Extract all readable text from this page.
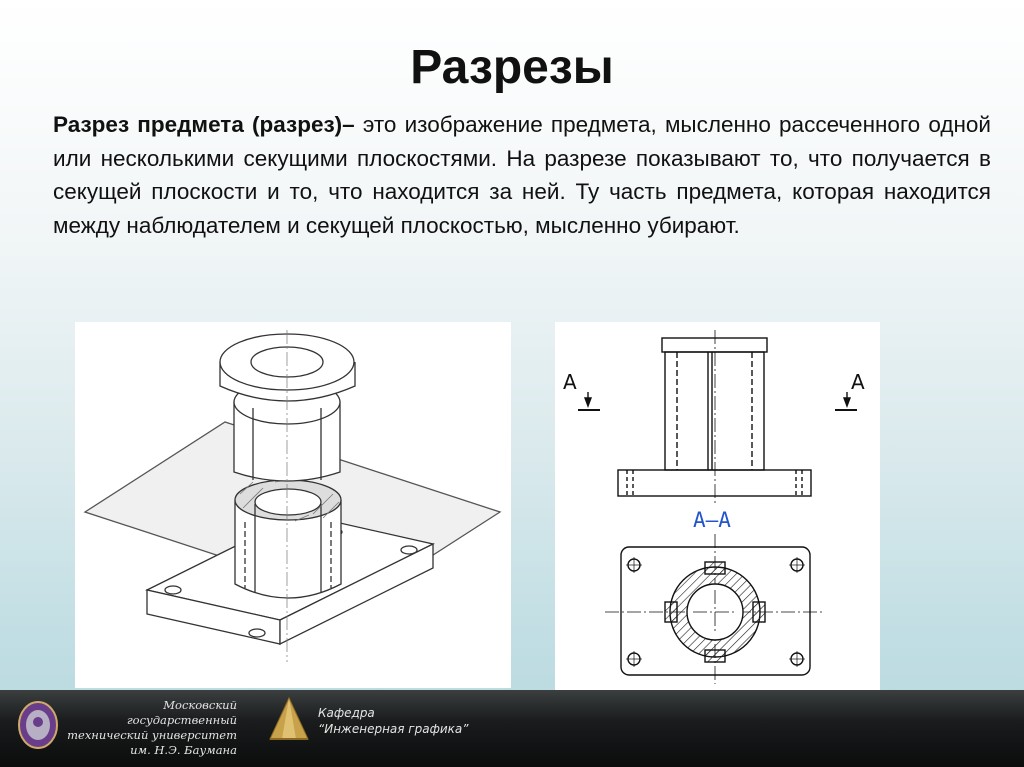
Разрезы
Разрез предмета (разрез)– это изображение предмета, мысленно рассеченного одной или несколькими секущими плоскостями. На разрезе показывают то, что получается в секущей плоскости и то, что находится за ней. Ту часть предмета, которая находится между наблюдателем и секущей плоскостью, мысленно убирают.
A	A
A–A
Московский государственный
технический университет
им. Н.Э. Баумана
Кафедра
“Инженерная графика”
